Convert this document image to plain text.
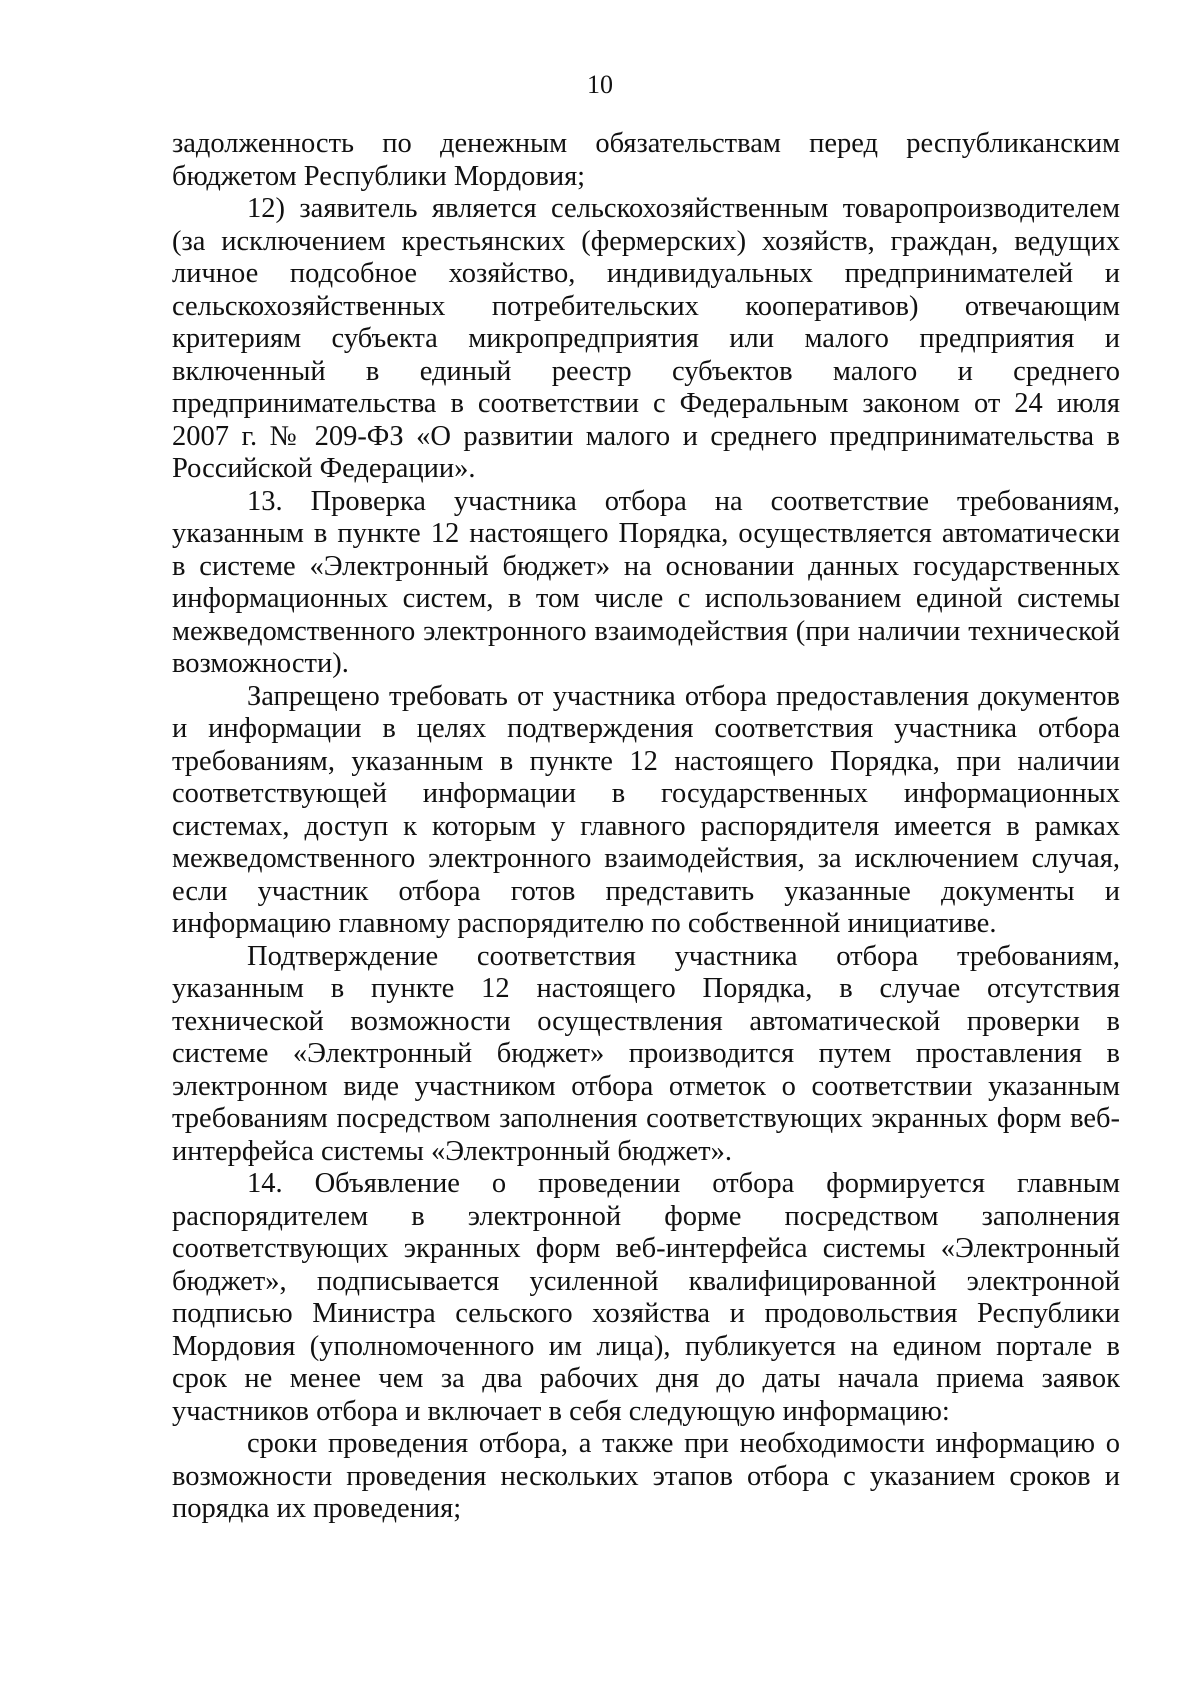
10

задолженность по денежным обязательствам перед республиканским бюджетом Республики Мордовия;

12) заявитель является сельскохозяйственным товаропроизводителем (за исключением крестьянских (фермерских) хозяйств, граждан, ведущих личное подсобное хозяйство, индивидуальных предпринимателей и сельскохозяйственных потребительских кооперативов) отвечающим критериям субъекта микропредприятия или малого предприятия и включенный в единый реестр субъектов малого и среднего предпринимательства в соответствии с Федеральным законом от 24 июля 2007 г. № 209-ФЗ «О развитии малого и среднего предпринимательства в Российской Федерации».

13. Проверка участника отбора на соответствие требованиям, указанным в пункте 12 настоящего Порядка, осуществляется автоматически в системе «Электронный бюджет» на основании данных государственных информационных систем, в том числе с использованием единой системы межведомственного электронного взаимодействия (при наличии технической возможности).

Запрещено требовать от участника отбора предоставления документов и информации в целях подтверждения соответствия участника отбора требованиям, указанным в пункте 12 настоящего Порядка, при наличии соответствующей информации в государственных информационных системах, доступ к которым у главного распорядителя имеется в рамках межведомственного электронного взаимодействия, за исключением случая, если участник отбора готов представить указанные документы и информацию главному распорядителю по собственной инициативе.

Подтверждение соответствия участника отбора требованиям, указанным в пункте 12 настоящего Порядка, в случае отсутствия технической возможности осуществления автоматической проверки в системе «Электронный бюджет» производится путем проставления в электронном виде участником отбора отметок о соответствии указанным требованиям посредством заполнения соответствующих экранных форм веб-интерфейса системы «Электронный бюджет».

14. Объявление о проведении отбора формируется главным распорядителем в электронной форме посредством заполнения соответствующих экранных форм веб-интерфейса системы «Электронный бюджет», подписывается усиленной квалифицированной электронной подписью Министра сельского хозяйства и продовольствия Республики Мордовия (уполномоченного им лица), публикуется на едином портале в срок не менее чем за два рабочих дня до даты начала приема заявок участников отбора и включает в себя следующую информацию:

сроки проведения отбора, а также при необходимости информацию о возможности проведения нескольких этапов отбора с указанием сроков и порядка их проведения;
